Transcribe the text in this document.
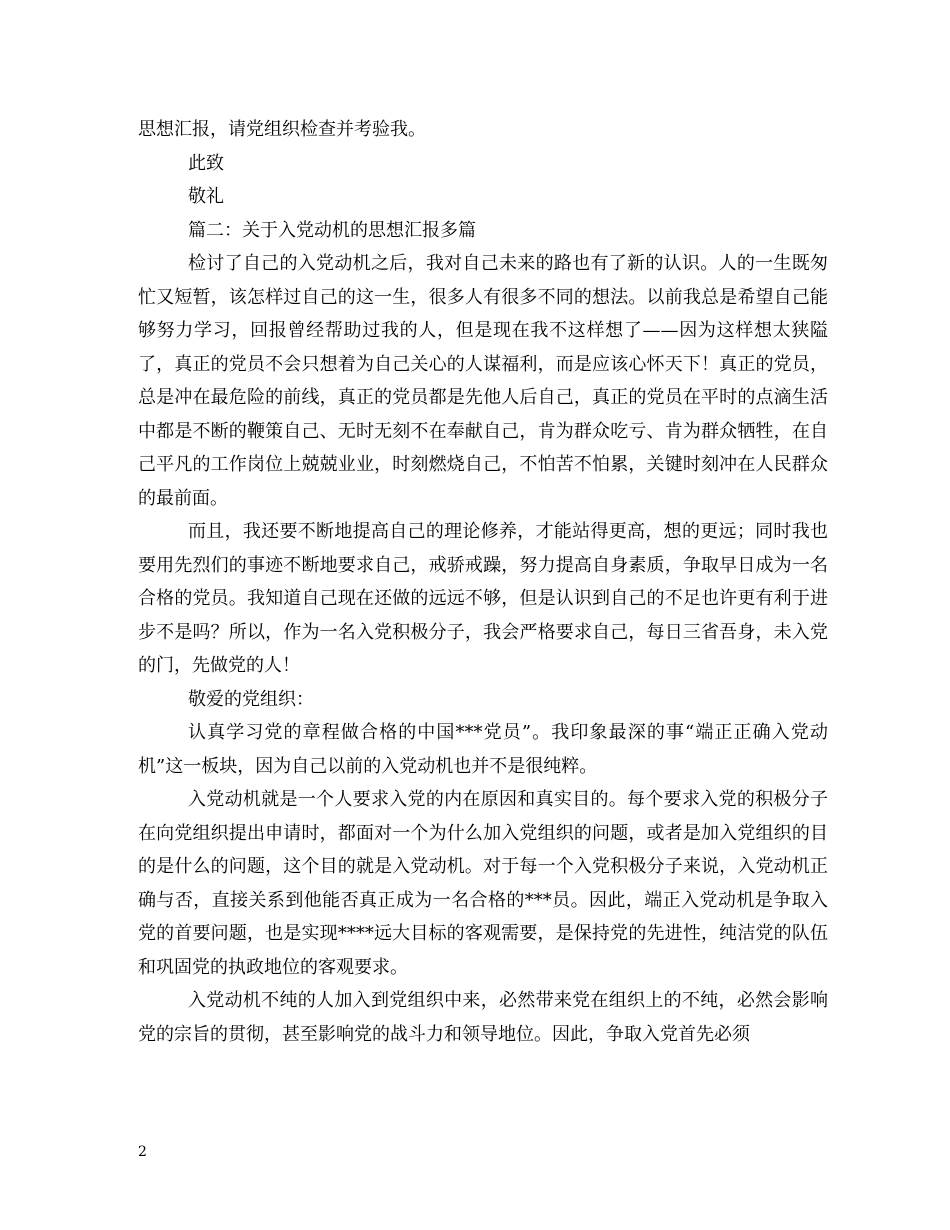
思想汇报，请党组织检查并考验我。

此致

敬礼

篇二：关于入党动机的思想汇报多篇

检讨了自己的入党动机之后，我对自己未来的路也有了新的认识。人的一生既匆忙又短暂，该怎样过自己的这一生，很多人有很多不同的想法。以前我总是希望自己能够努力学习，回报曾经帮助过我的人，但是现在我不这样想了——因为这样想太狭隘了，真正的党员不会只想着为自己关心的人谋福利，而是应该心怀天下！真正的党员，总是冲在最危险的前线，真正的党员都是先他人后自己，真正的党员在平时的点滴生活中都是不断的鞭策自己、无时无刻不在奉献自己，肯为群众吃亏、肯为群众牺牲，在自己平凡的工作岗位上兢兢业业，时刻燃烧自己，不怕苦不怕累，关键时刻冲在人民群众的最前面。

而且，我还要不断地提高自己的理论修养，才能站得更高，想的更远；同时我也要用先烈们的事迹不断地要求自己，戒骄戒躁，努力提高自身素质，争取早日成为一名合格的党员。我知道自己现在还做的远远不够，但是认识到自己的不足也许更有利于进步不是吗？所以，作为一名入党积极分子，我会严格要求自己，每日三省吾身，未入党的门，先做党的人！

敬爱的党组织：

认真学习党的章程做合格的中国***党员”。我印象最深的事“端正正确入党动机”这一板块，因为自己以前的入党动机也并不是很纯粹。

入党动机就是一个人要求入党的内在原因和真实目的。每个要求入党的积极分子在向党组织提出申请时，都面对一个为什么加入党组织的问题，或者是加入党组织的目的是什么的问题，这个目的就是入党动机。对于每一个入党积极分子来说，入党动机正确与否，直接关系到他能否真正成为一名合格的***员。因此，端正入党动机是争取入党的首要问题，也是实现****远大目标的客观需要，是保持党的先进性，纯洁党的队伍和巩固党的执政地位的客观要求。

入党动机不纯的人加入到党组织中来，必然带来党在组织上的不纯，必然会影响党的宗旨的贯彻，甚至影响党的战斗力和领导地位。因此，争取入党首先必须

2
